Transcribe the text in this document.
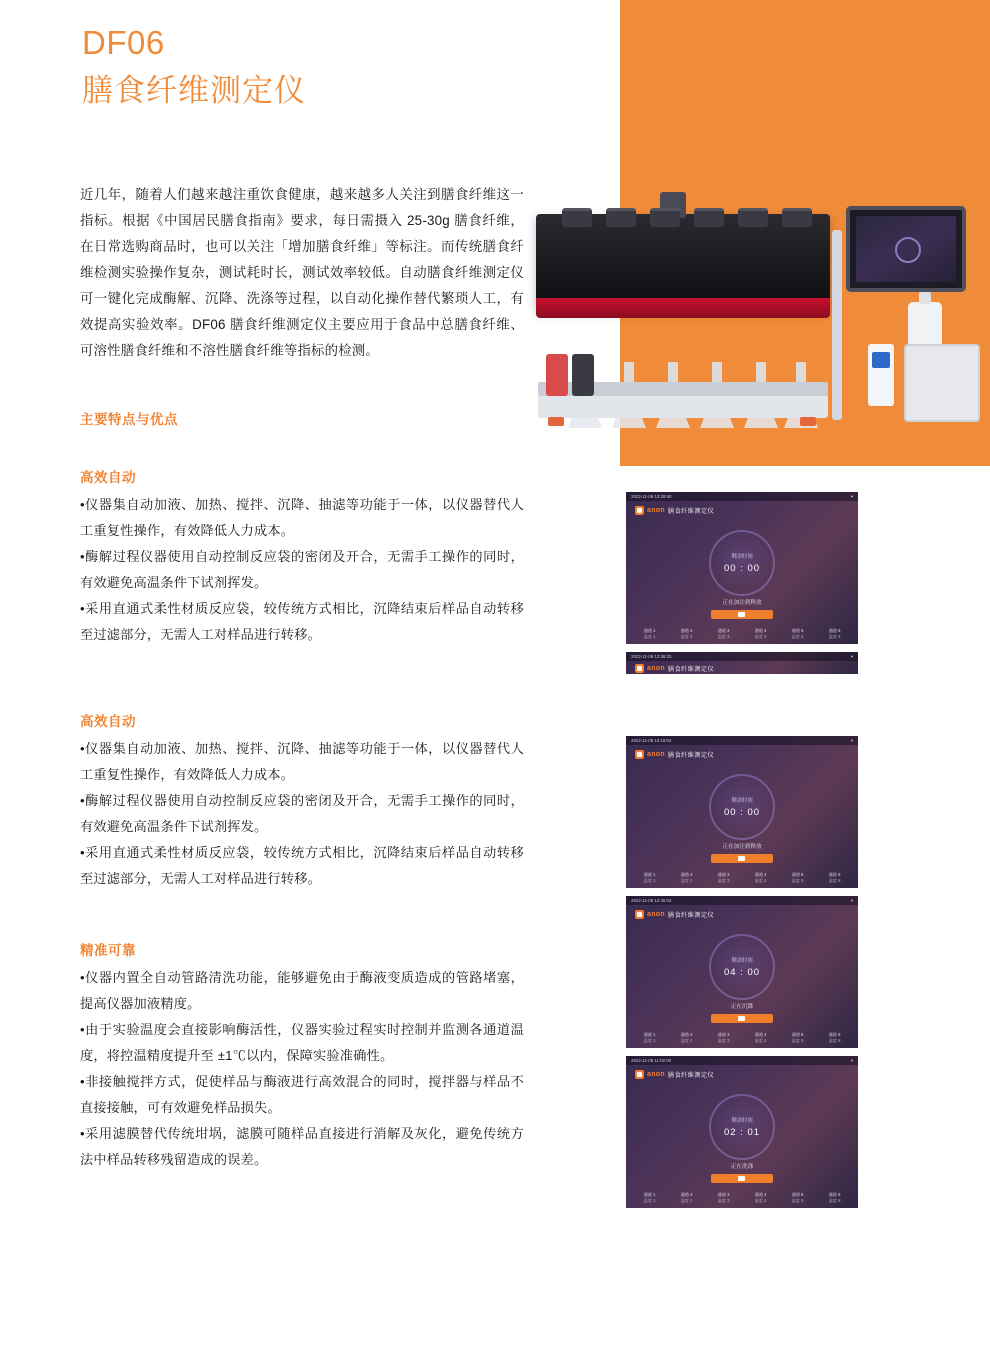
DF06
膳食纤维测定仪
近几年，随着人们越来越注重饮食健康，越来越多人关注到膳食纤维这一指标。根据《中国居民膳食指南》要求，每日需摄入 25-30g 膳食纤维，在日常选购商品时，也可以关注「增加膳食纤维」等标注。而传统膳食纤维检测实验操作复杂，测试耗时长，测试效率较低。自动膳食纤维测定仪可一键化完成酶解、沉降、洗涤等过程，以自动化操作替代繁琐人工，有效提高实验效率。DF06 膳食纤维测定仪主要应用于食品中总膳食纤维、可溶性膳食纤维和不溶性膳食纤维等指标的检测。
主要特点与优点
高效自动

•仪器集自动加液、加热、搅拌、沉降、抽滤等功能于一体，以仪器替代人工重复性操作，有效降低人力成本。

•酶解过程仪器使用自动控制反应袋的密闭及开合，无需手工操作的同时，有效避免高温条件下试剂挥发。

•采用直通式柔性材质反应袋，较传统方式相比，沉降结束后样品自动转移至过滤部分，无需人工对样品进行转移。

高效自动

•仪器集自动加液、加热、搅拌、沉降、抽滤等功能于一体，以仪器替代人工重复性操作，有效降低人力成本。

•酶解过程仪器使用自动控制反应袋的密闭及开合，无需手工操作的同时，有效避免高温条件下试剂挥发。

•采用直通式柔性材质反应袋，较传统方式相比，沉降结束后样品自动转移至过滤部分，无需人工对样品进行转移。

精准可靠

•仪器内置全自动管路清洗功能，能够避免由于酶液变质造成的管路堵塞，提高仪器加液精度。

•由于实验温度会直接影响酶活性，仪器实验过程实时控制并监测各通道温度，将控温精度提升至 ±1℃以内，保障实验准确性。

•非接触搅拌方式，促使样品与酶液进行高效混合的同时，搅拌器与样品不直接接触，可有效避免样品损失。

•采用滤膜替代传统坩埚，滤膜可随样品直接进行消解及灰化，避免传统方法中样品转移残留造成的误差。

2022-11-09 13:28:50	▾
anon 膳食纤维测定仪
剩余时间
00 : 00
正在加注到释放
通道 1
温度 1
通道 2
温度 2
通道 3
温度 3
通道 4
温度 4
通道 5
温度 5
通道 6
温度 6
2022-11-09 13:36:20	▾
anon 膳食纤维测定仪
2022-11-09 13:18:02	▾
anon 膳食纤维测定仪
剩余时间
00 : 00
正在加注到释放
通道 1
温度 1
通道 2
温度 2
通道 3
温度 3
通道 4
温度 4
通道 5
温度 5
通道 6
温度 6
2022-11-09 13:46:02	▾
anon 膳食纤维测定仪
剩余时间
04 : 00
正在沉降
通道 1
温度 1
通道 2
温度 2
通道 3
温度 3
通道 4
温度 4
通道 5
温度 5
通道 6
温度 6
2022-11-09 11:02:00	▾
anon 膳食纤维测定仪
剩余时间
02 : 01
正在洗涤
通道 1
温度 1
通道 2
温度 2
通道 3
温度 3
通道 4
温度 4
通道 5
温度 5
通道 6
温度 6
